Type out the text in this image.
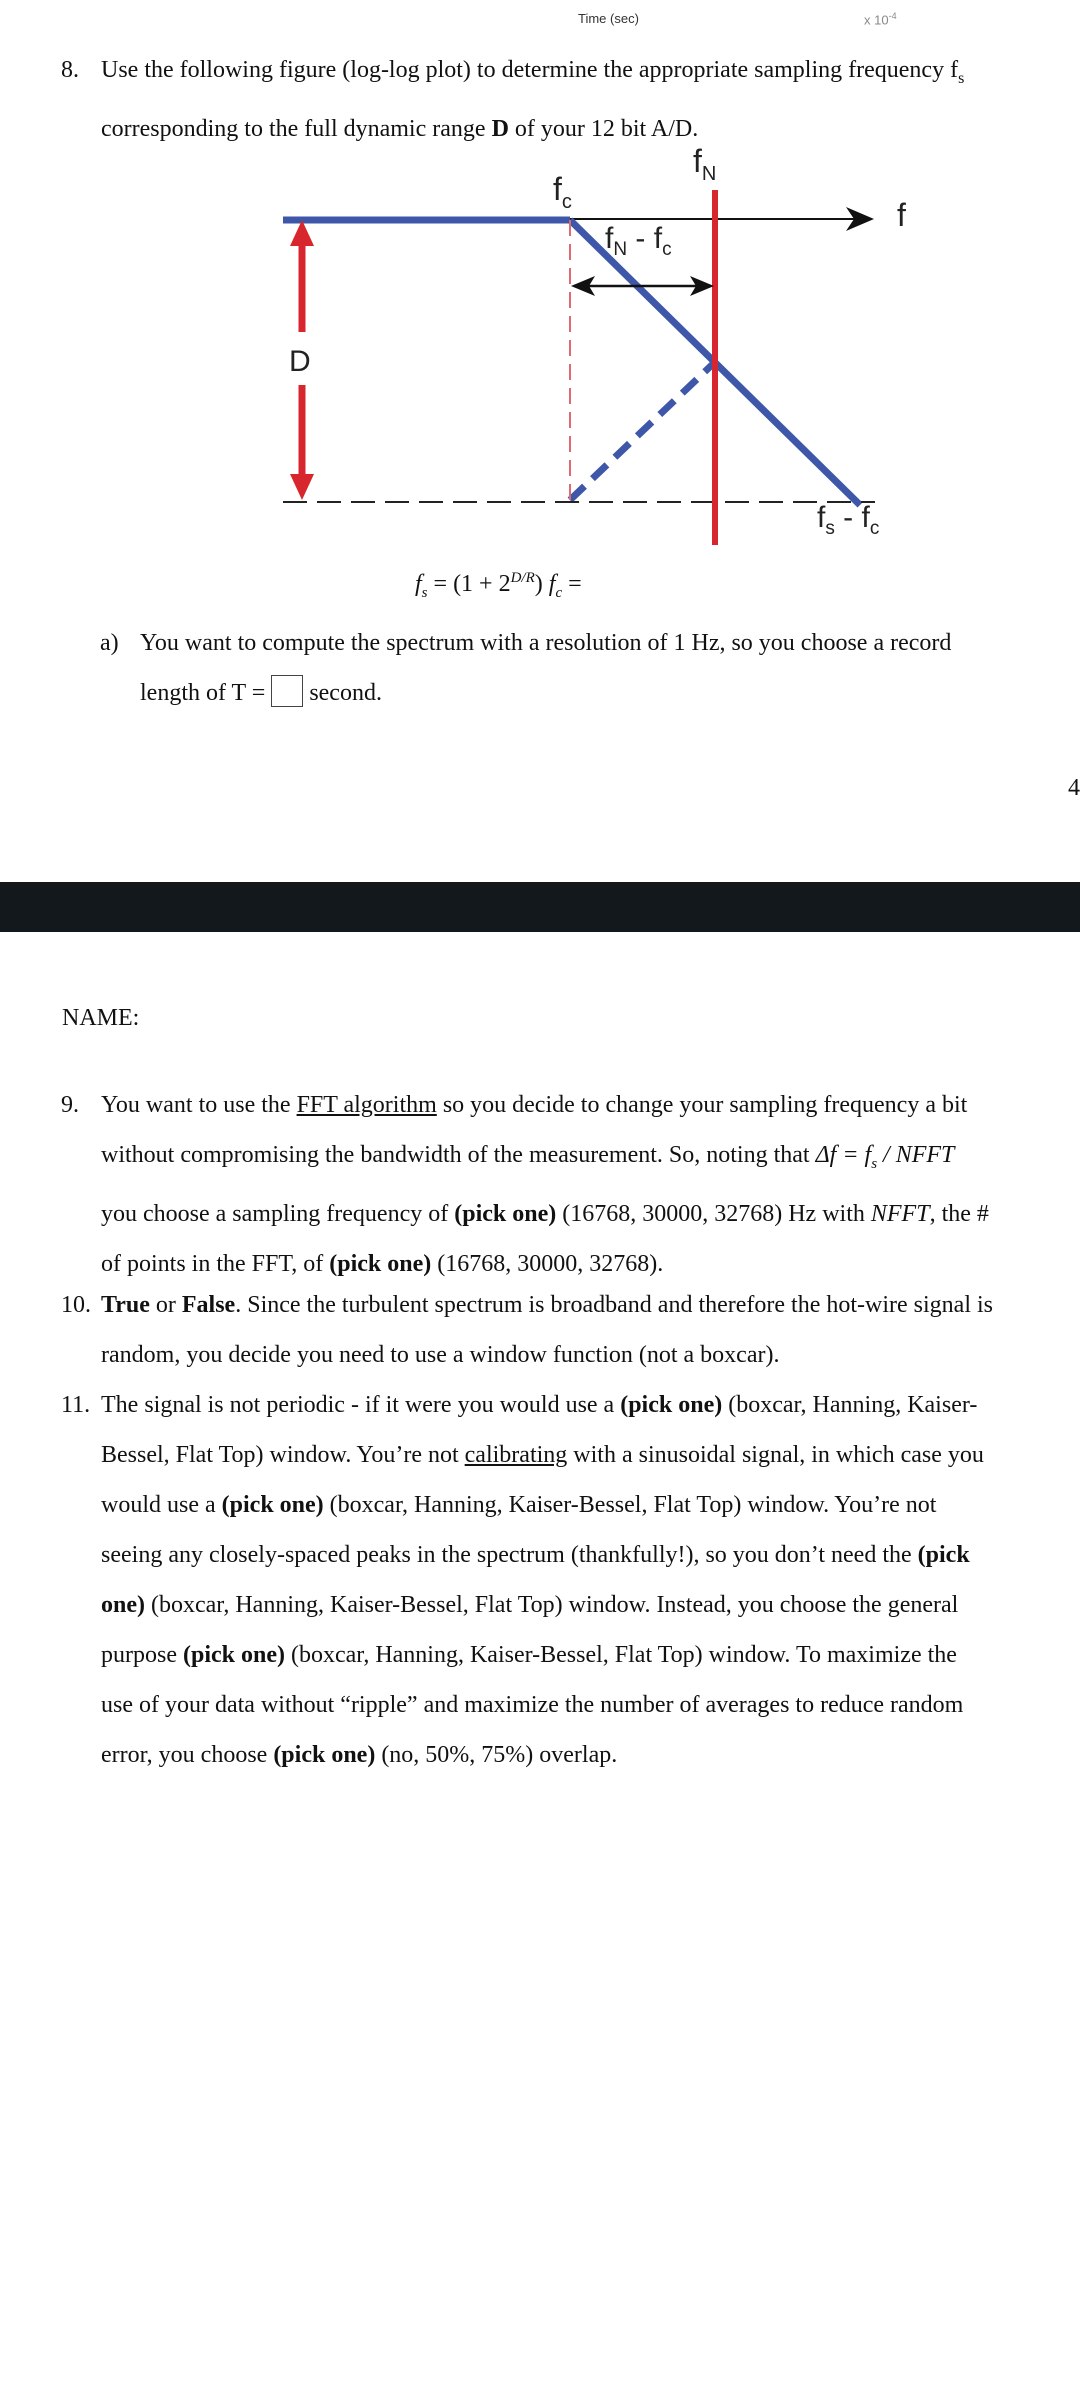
Time (sec)	x $10^{-4}$
8. Use the following figure (log-log plot) to determine the appropriate sampling frequency $f_s$
corresponding to the full dynamic range D of your 12 bit A/D.
$f_c$
$f_N$
f
$f_N - f_c$
D
$f_s - f_c$
$f_s = (1 + 2^{D/R}) f_c$ =
a) You want to compute the spectrum with a resolution of 1 Hz, so you choose a record
length of T = second.
4
NAME:
9. You want to use the FFT algorithm so you decide to change your sampling frequency a bit
without compromising the bandwidth of the measurement. So, noting that $\Delta f = f_s$ / NFFT
you choose a sampling frequency of (pick one) (16768, 30000, 32768) Hz with NFFT, the #
of points in the FFT, of (pick one) (16768, 30000, 32768).
10. True or False. Since the turbulent spectrum is broadband and therefore the hot-wire signal is
random, you decide you need to use a window function (not a boxcar).
11. The signal is not periodic - if it were you would use a (pick one) (boxcar, Hanning, Kaiser-
Bessel, Flat Top) window. You’re not calibrating with a sinusoidal signal, in which case you
would use a (pick one) (boxcar, Hanning, Kaiser-Bessel, Flat Top) window. You’re not
seeing any closely-spaced peaks in the spectrum (thankfully!), so you don’t need the (pick
one) (boxcar, Hanning, Kaiser-Bessel, Flat Top) window. Instead, you choose the general
purpose (pick one) (boxcar, Hanning, Kaiser-Bessel, Flat Top) window. To maximize the
use of your data without “ripple” and maximize the number of averages to reduce random
error, you choose (pick one) (no, 50%, 75%) overlap.
